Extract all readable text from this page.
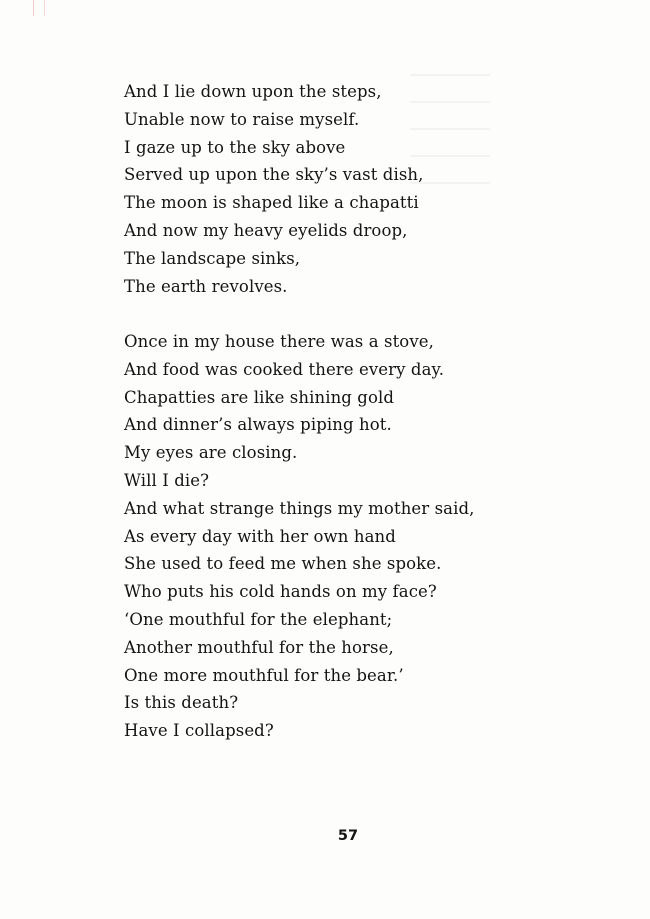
And I lie down upon the steps,
Unable now to raise myself.
I gaze up to the sky above
Served up upon the sky’s vast dish,
The moon is shaped like a chapatti
And now my heavy eyelids droop,
The landscape sinks,
The earth revolves.
Once in my house there was a stove,
And food was cooked there every day.
Chapatties are like shining gold
And dinner’s always piping hot.
My eyes are closing.
Will I die?
And what strange things my mother said,
As every day with her own hand
She used to feed me when she spoke.
Who puts his cold hands on my face?
‘One mouthful for the elephant;
Another mouthful for the horse,
One more mouthful for the bear.’
Is this death?
Have I collapsed?
57
